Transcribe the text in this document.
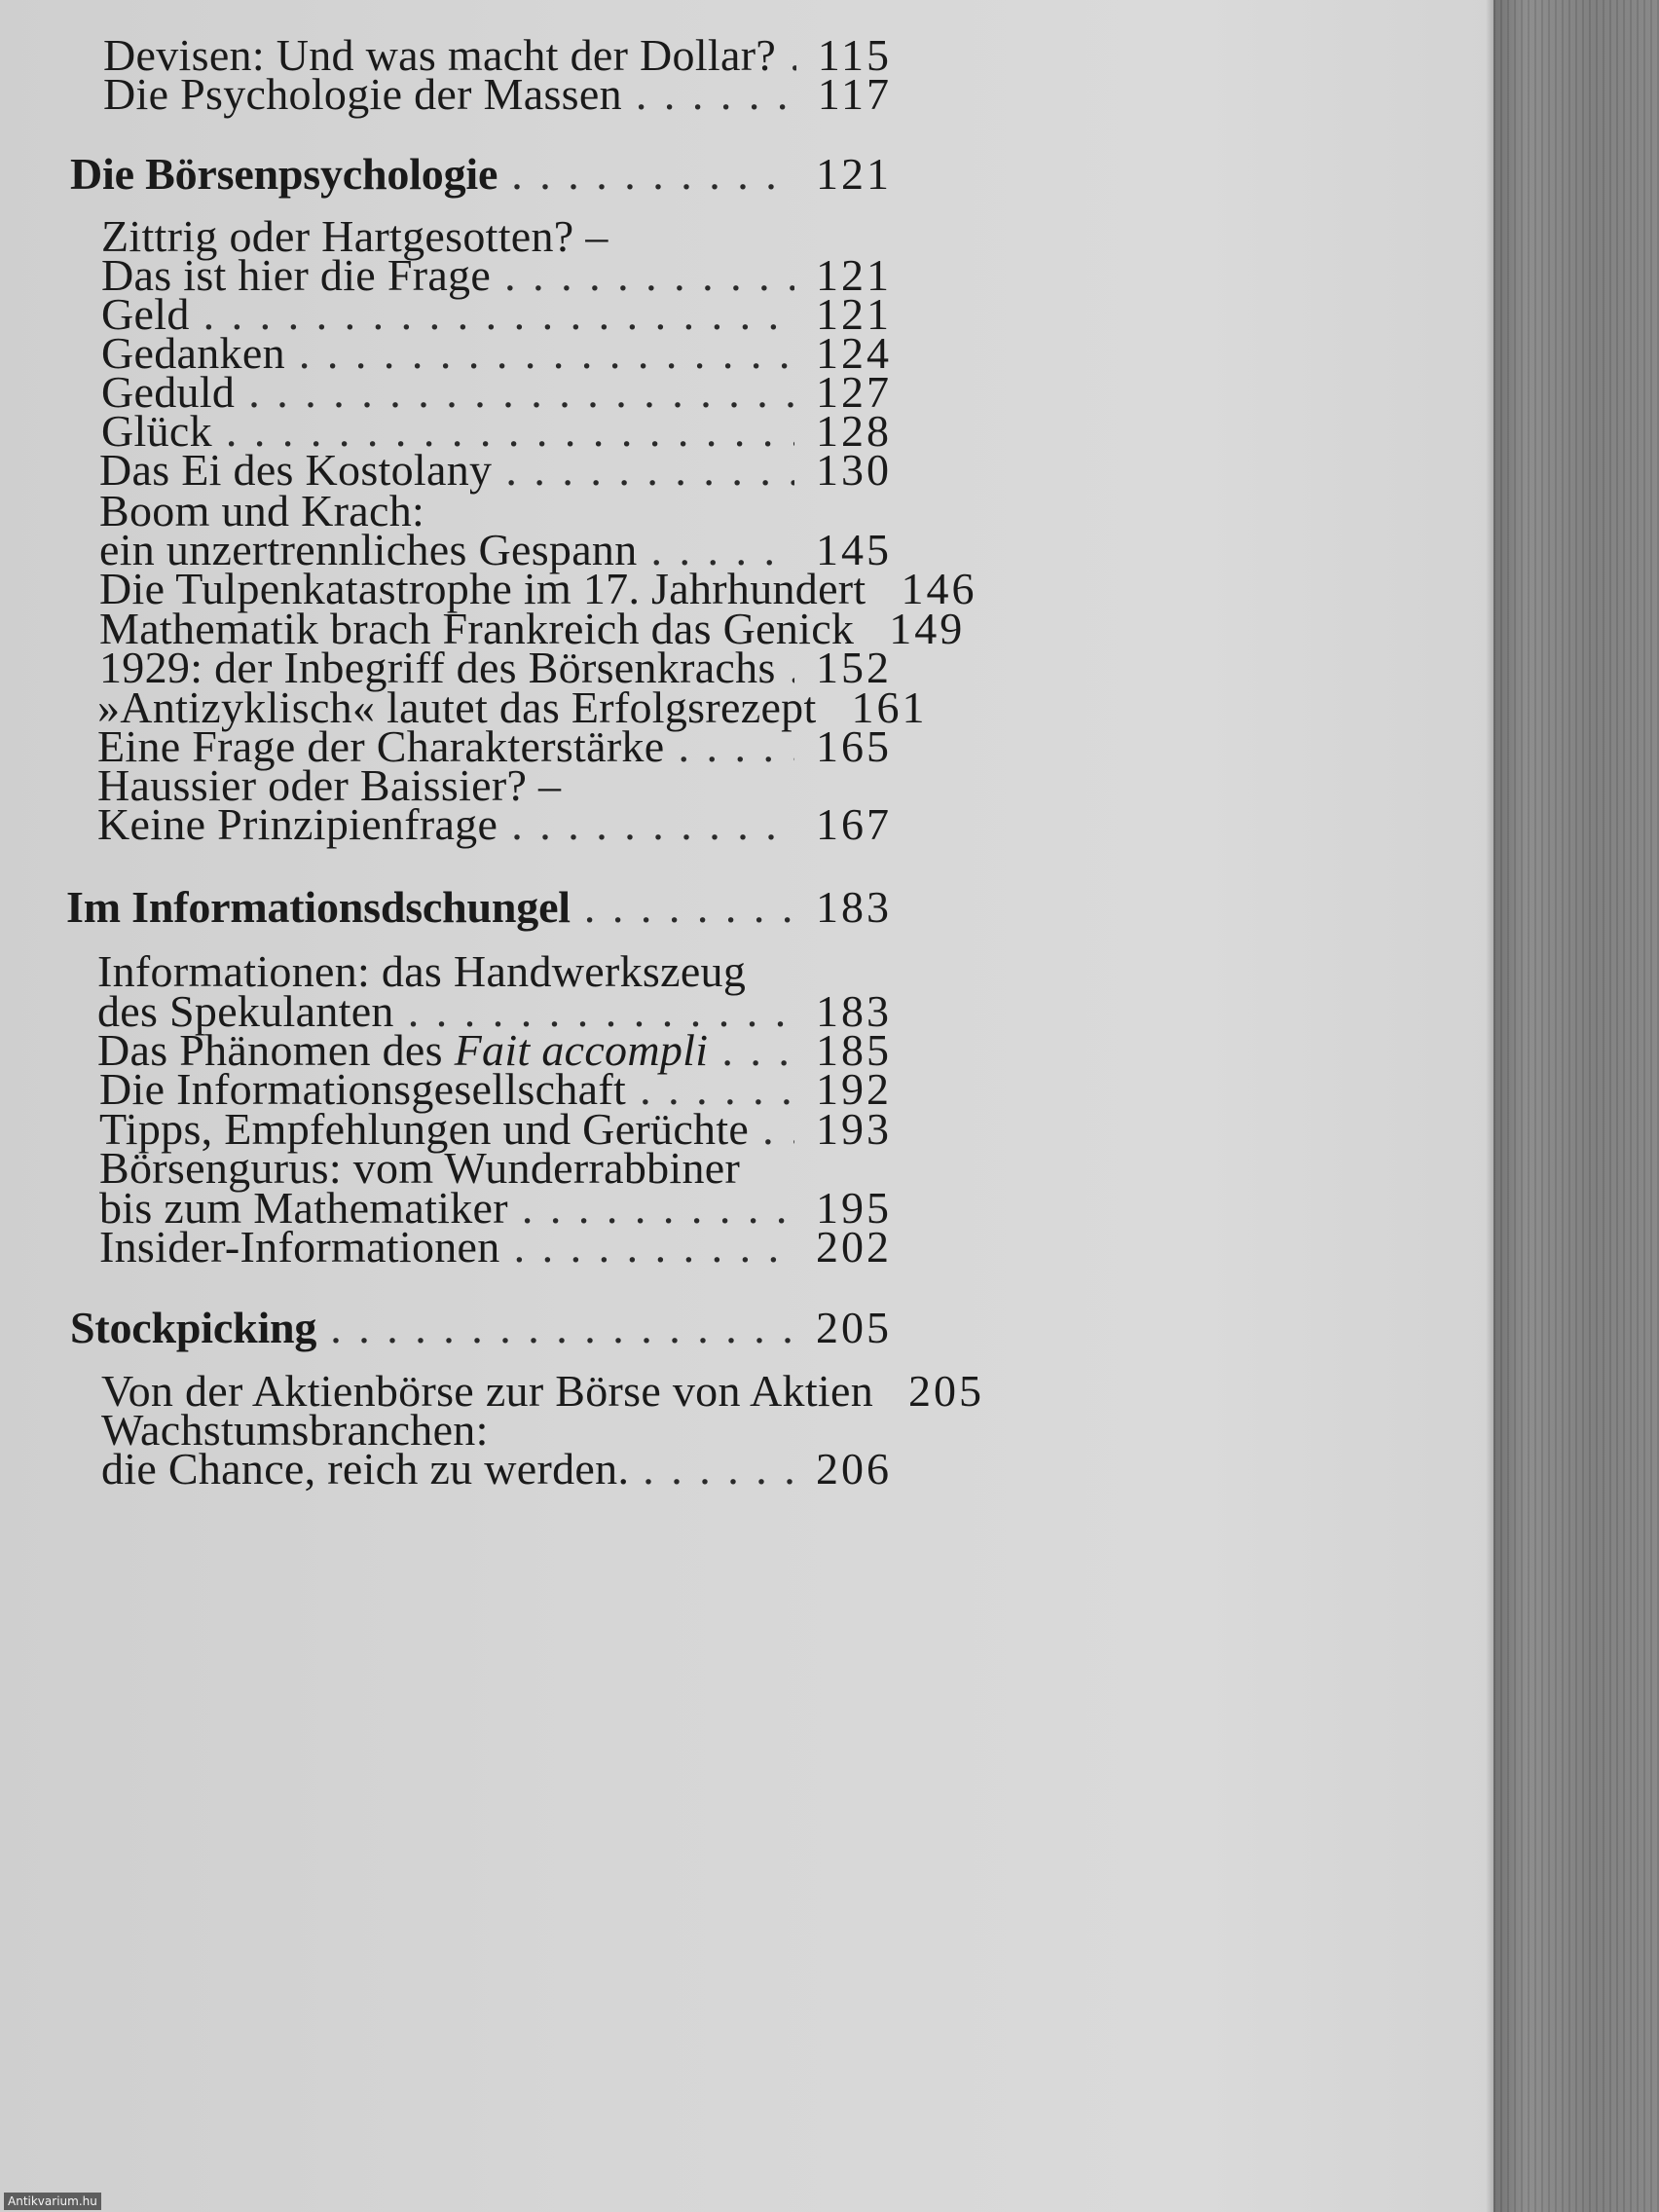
Devisen: Und was macht der Dollar? . . . 115
Die Psychologie der Massen . . .	117
Die Börsenpsychologie . . .	121
Zittrig oder Hartgesotten? –
Das ist hier die Frage . . .	121
Geld . . .	121
Gedanken . . .	124
Geduld . . .	127
Glück . . .	128
Das Ei des Kostolany . . .	130
Boom und Krach:
ein unzertrennliches Gespann . . .	145
Die Tulpenkatastrophe im 17. Jahrhundert 146
Mathematik brach Frankreich das Genick 149
1929: der Inbegriff des Börsenkrachs . . . 152
»Antizyklisch« lautet das Erfolgsrezept 161
Eine Frage der Charakterstärke . . .	165
Haussier oder Baissier? –
Keine Prinzipienfrage . . .	167
Im Informationsdschungel . . .	183
Informationen: das Handwerkszeug
des Spekulanten . . .	183
Das Phänomen des Fait accompli . . . 185
Die Informationsgesellschaft . . .	192
Tipps, Empfehlungen und Gerüchte . . . 193
Börsengurus: vom Wunderrabbiner
bis zum Mathematiker . . .	195
Insider-Informationen . . .	202
Stockpicking . . .	205
Von der Aktienbörse zur Börse von Aktien 205
Wachstumsbranchen:
die Chance, reich zu werden. . . .	206
Antikvarium.hu
